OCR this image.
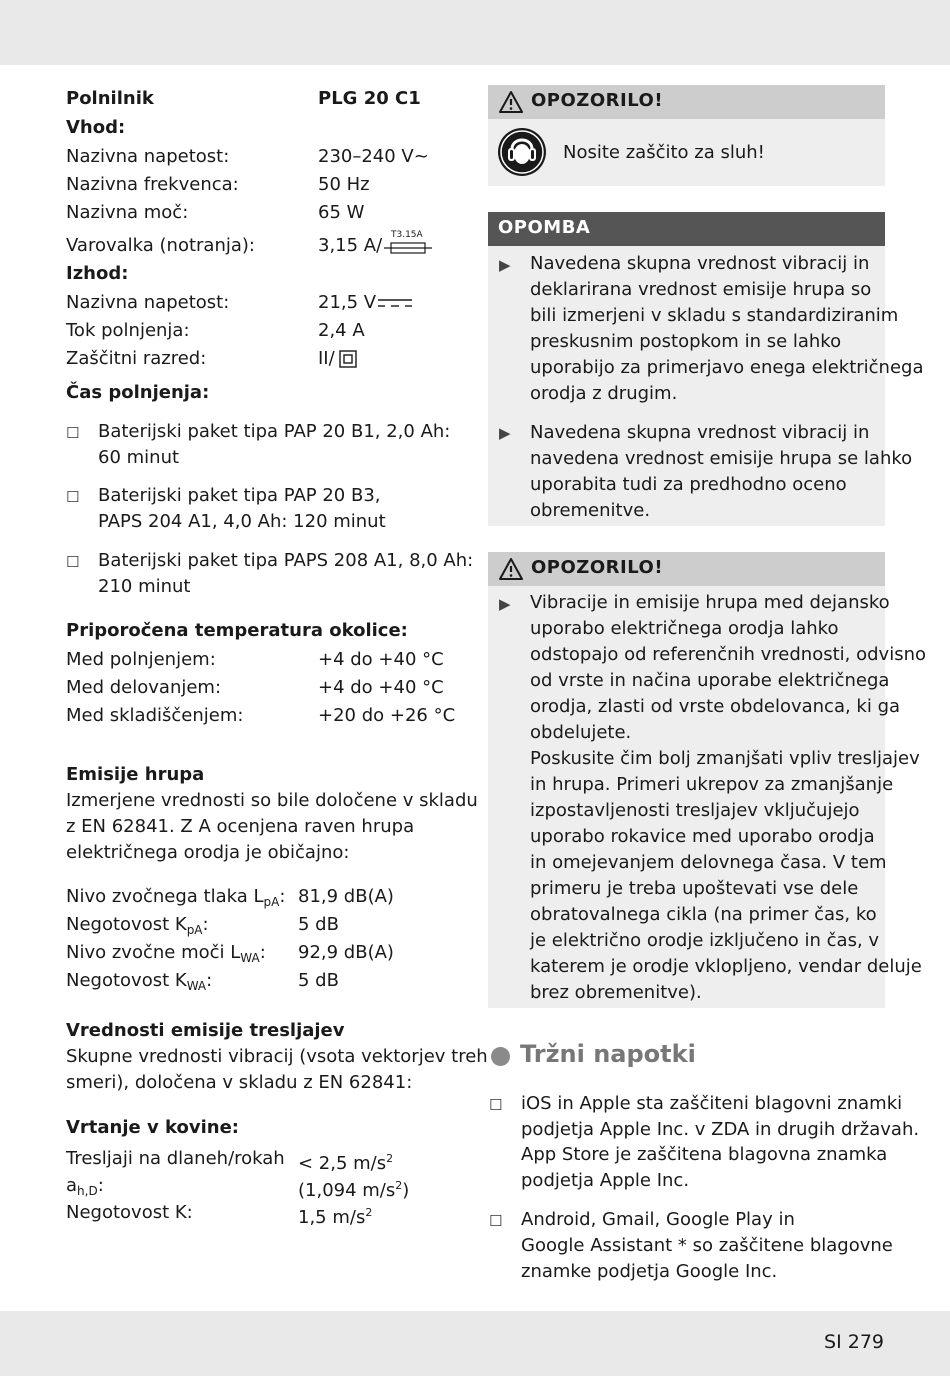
Polnilnik	PLG 20 C1
Vhod:
Nazivna napetost:	230–240 V~
Nazivna frekvenca:	50 Hz
Nazivna moč:	65 W
Varovalka (notranja):	3,15 A/ T3.15A
Izhod:
Nazivna napetost:	21,5 V
Tok polnjenja:	2,4 A
Zaščitni razred:	II/
Čas polnjenja:
☐ Baterijski paket tipa PAP 20 B1, 2,0 Ah:
60 minut
☐ Baterijski paket tipa PAP 20 B3,
PAPS 204 A1, 4,0 Ah: 120 minut
☐ Baterijski paket tipa PAPS 208 A1, 8,0 Ah:
210 minut
Priporočena temperatura okolice:
Med polnjenjem:	+4 do +40 °C
Med delovanjem:	+4 do +40 °C
Med skladiščenjem:	+20 do +26 °C
Emisije hrupa
Izmerjene vrednosti so bile določene v skladu
z EN 62841. Z A ocenjena raven hrupa
električnega orodja je običajno:
Nivo zvočnega tlaka $L_{pA}$: 81,9 dB(A)
Negotovost $K_{pA}$:	5 dB
Nivo zvočne moči $L_{WA}$: 92,9 dB(A)
Negotovost $K_{WA}$:	5 dB
Vrednosti emisije tresljajev
Skupne vrednosti vibracij (vsota vektorjev treh
smeri), določena v skladu z EN 62841:
Vrtanje v kovine:
Tresljaji na dlaneh/rokah < 2,5 $m/s^2$
$a_{h,D}$:	(1,094 $m/s^2$)
Negotovost K:	1,5 $m/s^2$
OPOZORILO!
Nosite zaščito za sluh!
OPOMBA
▶ Navedena skupna vrednost vibracij in
deklarirana vrednost emisije hrupa so
bili izmerjeni v skladu s standardiziranim
preskusnim postopkom in se lahko
uporabijo za primerjavo enega električnega
orodja z drugim.
▶ Navedena skupna vrednost vibracij in
navedena vrednost emisije hrupa se lahko
uporabita tudi za predhodno oceno
obremenitve.
OPOZORILO!
▶ Vibracije in emisije hrupa med dejansko
uporabo električnega orodja lahko
odstopajo od referenčnih vrednosti, odvisno
od vrste in načina uporabe električnega
orodja, zlasti od vrste obdelovanca, ki ga
obdelujete.
Poskusite čim bolj zmanjšati vpliv tresljajev
in hrupa. Primeri ukrepov za zmanjšanje
izpostavljenosti tresljajev vključujejo
uporabo rokavice med uporabo orodja
in omejevanjem delovnega časa. V tem
primeru je treba upoštevati vse dele
obratovalnega cikla (na primer čas, ko
je električno orodje izključeno in čas, v
katerem je orodje vklopljeno, vendar deluje
brez obremenitve).
Tržni napotki
☐ iOS in Apple sta zaščiteni blagovni znamki
podjetja Apple Inc. v ZDA in drugih državah.
App Store je zaščitena blagovna znamka
podjetja Apple Inc.
☐ Android, Gmail, Google Play in
Google Assistant * so zaščitene blagovne
znamke podjetja Google Inc.
SI 279
